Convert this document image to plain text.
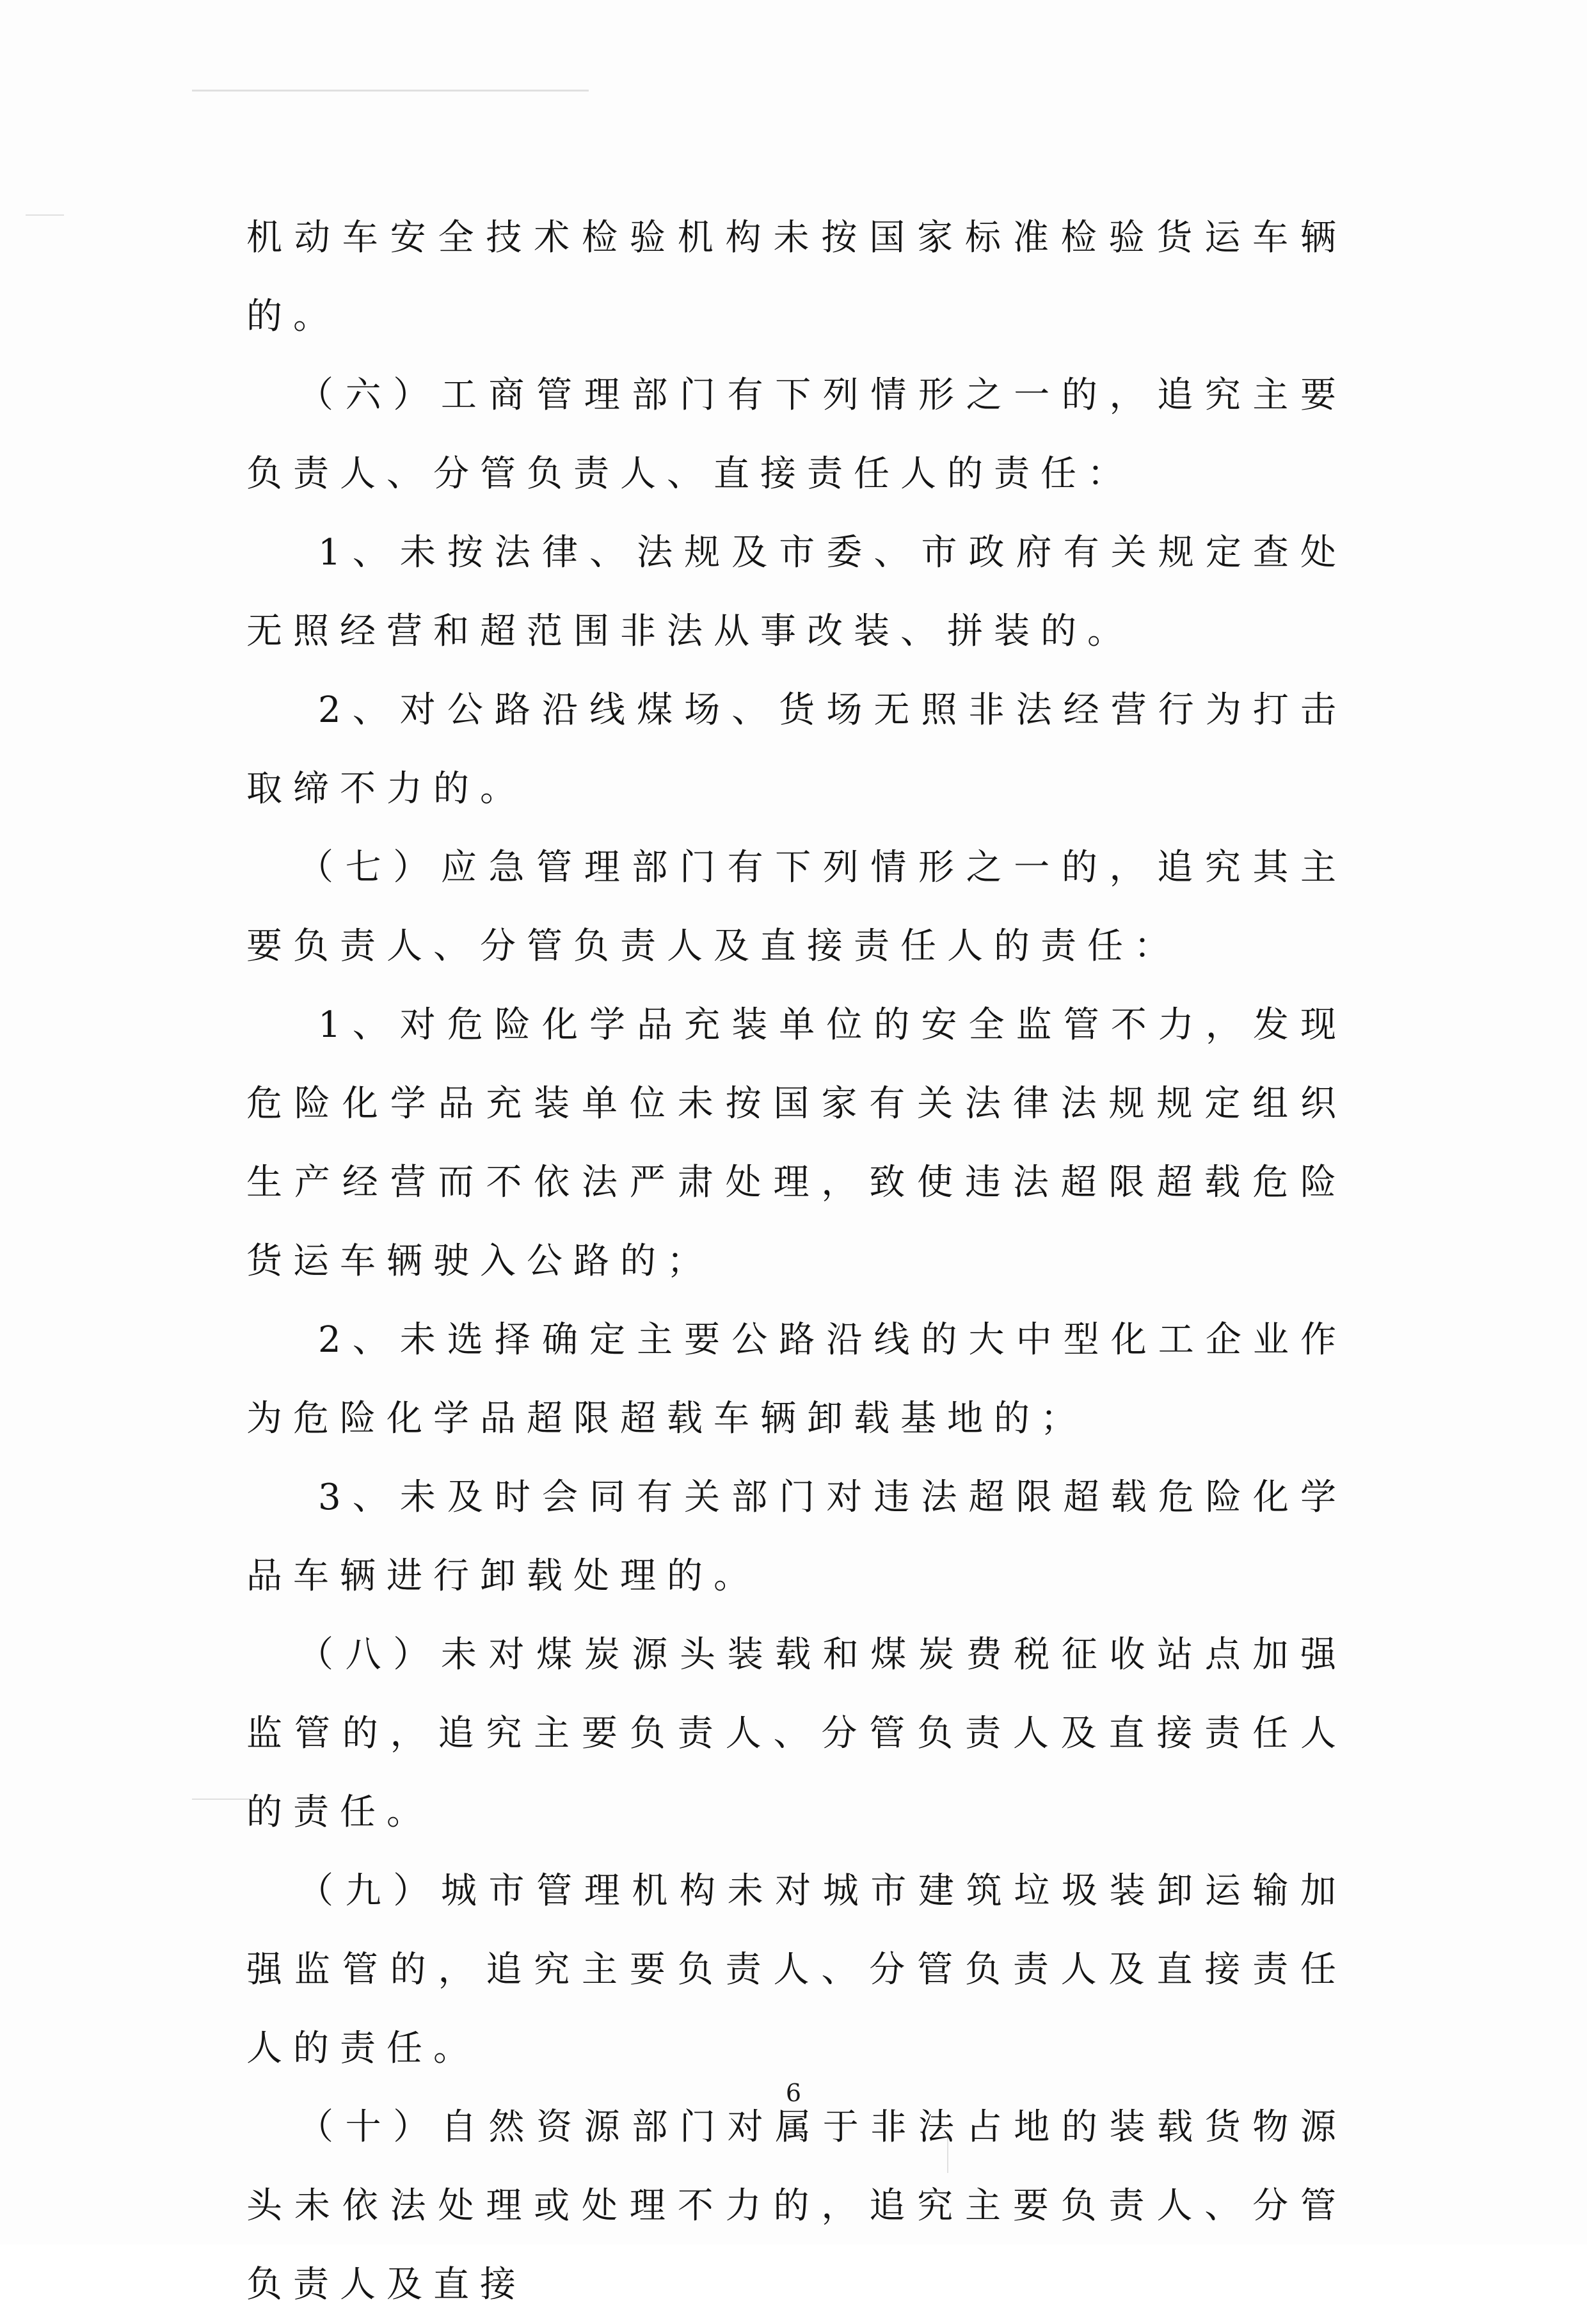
机动车安全技术检验机构未按国家标准检验货运车辆的。

（六）工商管理部门有下列情形之一的，追究主要负责人、分管负责人、直接责任人的责任：

1、未按法律、法规及市委、市政府有关规定查处无照经营和超范围非法从事改装、拼装的。

2、对公路沿线煤场、货场无照非法经营行为打击取缔不力的。

（七）应急管理部门有下列情形之一的，追究其主要负责人、分管负责人及直接责任人的责任：

1、对危险化学品充装单位的安全监管不力，发现危险化学品充装单位未按国家有关法律法规规定组织生产经营而不依法严肃处理，致使违法超限超载危险货运车辆驶入公路的；

2、未选择确定主要公路沿线的大中型化工企业作为危险化学品超限超载车辆卸载基地的；

3、未及时会同有关部门对违法超限超载危险化学品车辆进行卸载处理的。

（八）未对煤炭源头装载和煤炭费税征收站点加强监管的，追究主要负责人、分管负责人及直接责任人的责任。

（九）城市管理机构未对城市建筑垃圾装卸运输加强监管的，追究主要负责人、分管负责人及直接责任人的责任。

（十）自然资源部门对属于非法占地的装载货物源头未依法处理或处理不力的，追究主要负责人、分管负责人及直接

6
